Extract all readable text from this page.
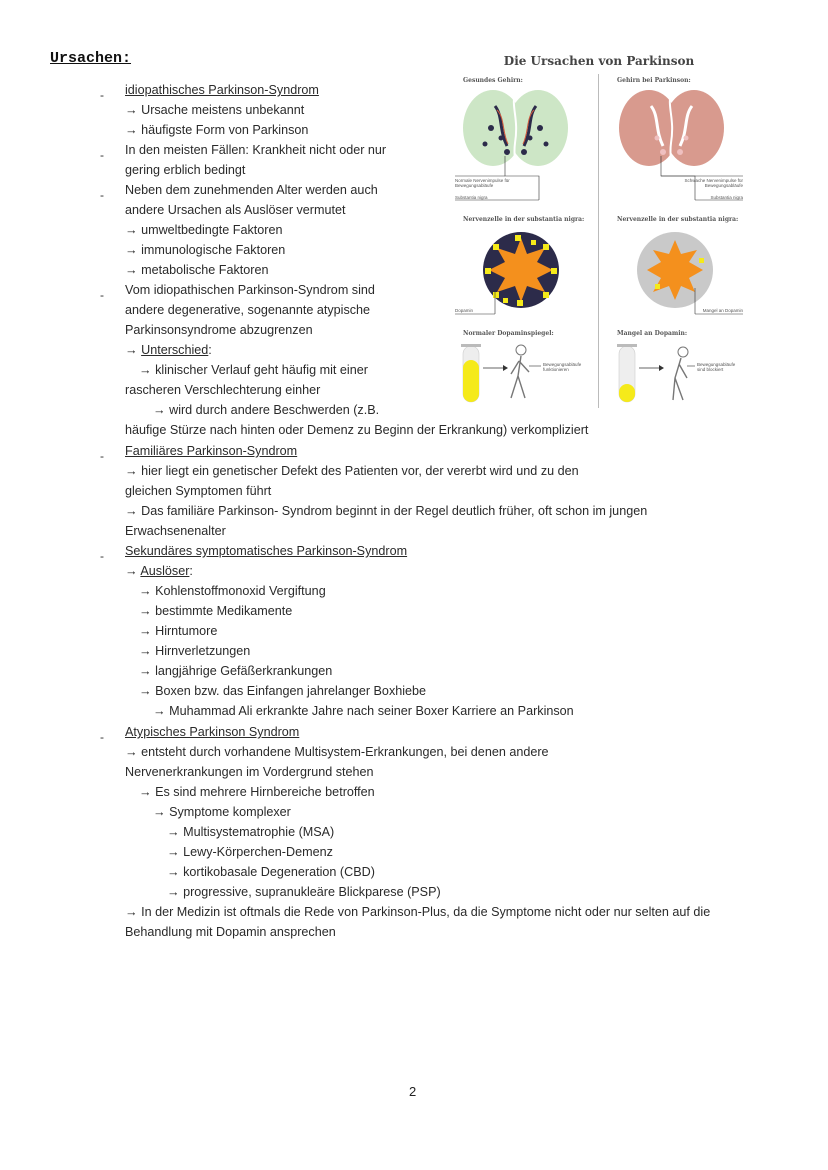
Ursachen:
-
-
-
-
-
-
-
idiopathisches Parkinson-Syndrom
→ Ursache meistens unbekannt
→ häufigste Form von Parkinson
In den meisten Fällen: Krankheit nicht oder nur
gering erblich bedingt
Neben dem zunehmenden Alter werden auch
andere Ursachen als Auslöser vermutet
→ umweltbedingte Faktoren
→ immunologische Faktoren
→ metabolische Faktoren
Vom idiopathischen Parkinson-Syndrom sind
andere degenerative, sogenannte atypische
Parkinsonsyndrome abzugrenzen
→ Unterschied:
→ klinischer Verlauf geht häufig mit einer
rascheren Verschlechterung einher
→ wird durch andere Beschwerden (z.B.
häufige Stürze nach hinten oder Demenz zu Beginn der Erkrankung) verkompliziert
Familiäres Parkinson-Syndrom
→ hier liegt ein genetischer Defekt des Patienten vor, der vererbt wird und zu den
gleichen Symptomen führt
→ Das familiäre Parkinson- Syndrom beginnt in der Regel deutlich früher, oft schon im jungen
Erwachsenenalter
Sekundäres symptomatisches Parkinson-Syndrom
→ Auslöser:
→ Kohlenstoffmonoxid Vergiftung
→ bestimmte Medikamente
→ Hirntumore
→ Hirnverletzungen
→ langjährige Gefäßerkrankungen
→ Boxen bzw. das Einfangen jahrelanger Boxhiebe
→ Muhammad Ali erkrankte Jahre nach seiner Boxer Karriere an Parkinson
Atypisches Parkinson Syndrom
→ entsteht durch vorhandene Multisystem-Erkrankungen, bei denen andere
Nervenerkrankungen im Vordergrund stehen
→ Es sind mehrere Hirnbereiche betroffen
→ Symptome komplexer
→ Multisystematrophie (MSA)
→ Lewy-Körperchen-Demenz
→ kortikobasale Degeneration (CBD)
→ progressive, supranukleäre Blickparese (PSP)
→ In der Medizin ist oftmals die Rede von Parkinson-Plus, da die Symptome nicht oder nur selten auf die
Behandlung mit Dopamin ansprechen
Die Ursachen von Parkinson
Gesundes Gehirn:	Gehirn bei Parkinson:
Normale Nervenimpulse für Bewegungsabläufe
Substantia nigra
Schwache Nervenimpulse für Bewegungsabläufe
Substantia nigra
Nervenzelle in der substantia nigra:	Nervenzelle in der substantia nigra:
Dopamin	Mangel an Dopamin
Normaler Dopaminspiegel:	Mangel an Dopamin:
Bewegungsabläufe funktionieren
Bewegungsabläufe sind blockiert
2
